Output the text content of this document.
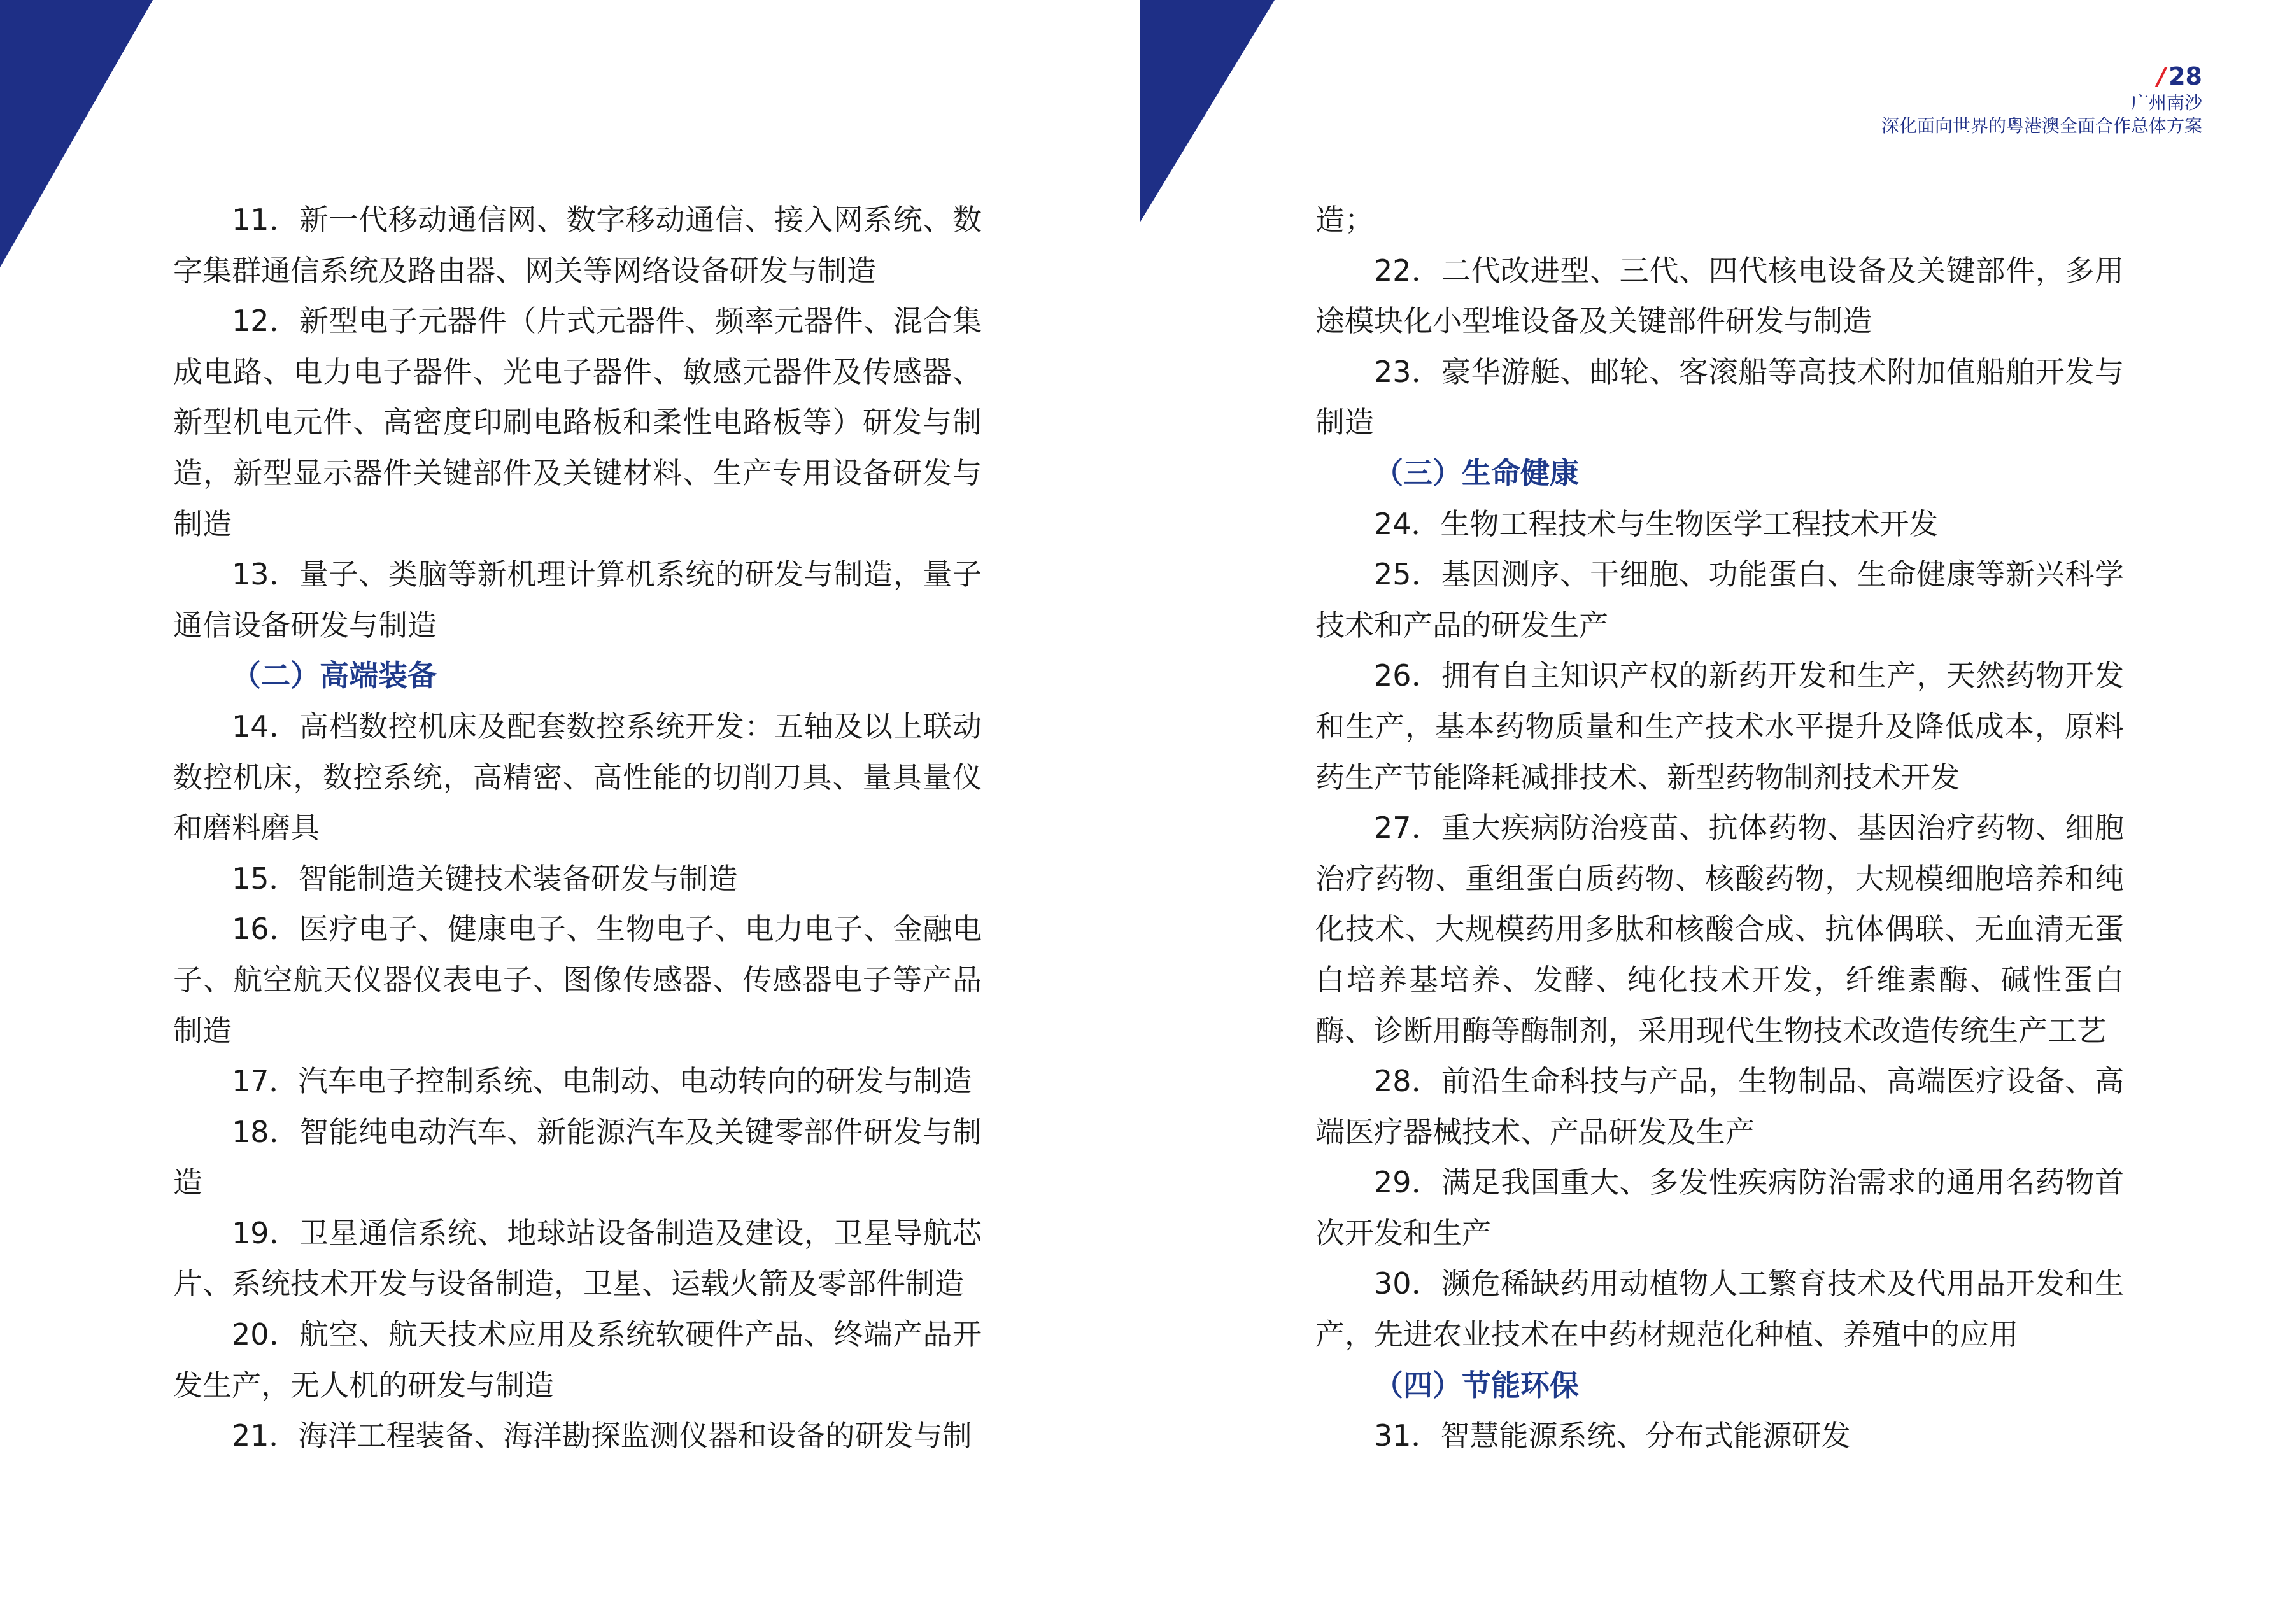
/ 28
广州南沙
深化面向世界的粤港澳全面合作总体方案

11．新一代移动通信网、数字移动通信、接入网系统、数字集群通信系统及路由器、网关等网络设备研发与制造

12．新型电子元器件（片式元器件、频率元器件、混合集成电路、电力电子器件、光电子器件、敏感元器件及传感器、新型机电元件、高密度印刷电路板和柔性电路板等）研发与制造，新型显示器件关键部件及关键材料、生产专用设备研发与制造

13．量子、类脑等新机理计算机系统的研发与制造，量子通信设备研发与制造

（二）高端装备

14．高档数控机床及配套数控系统开发：五轴及以上联动数控机床，数控系统，高精密、高性能的切削刀具、量具量仪和磨料磨具

15．智能制造关键技术装备研发与制造

16．医疗电子、健康电子、生物电子、电力电子、金融电子、航空航天仪器仪表电子、图像传感器、传感器电子等产品制造

17．汽车电子控制系统、电制动、电动转向的研发与制造

18．智能纯电动汽车、新能源汽车及关键零部件研发与制造

19．卫星通信系统、地球站设备制造及建设，卫星导航芯片、系统技术开发与设备制造，卫星、运载火箭及零部件制造

20．航空、航天技术应用及系统软硬件产品、终端产品开发生产，无人机的研发与制造

21．海洋工程装备、海洋勘探监测仪器和设备的研发与制

造；

22．二代改进型、三代、四代核电设备及关键部件，多用途模块化小型堆设备及关键部件研发与制造

23．豪华游艇、邮轮、客滚船等高技术附加值船舶开发与制造

（三）生命健康

24．生物工程技术与生物医学工程技术开发

25．基因测序、干细胞、功能蛋白、生命健康等新兴科学技术和产品的研发生产

26．拥有自主知识产权的新药开发和生产，天然药物开发和生产，基本药物质量和生产技术水平提升及降低成本，原料药生产节能降耗减排技术、新型药物制剂技术开发

27．重大疾病防治疫苗、抗体药物、基因治疗药物、细胞治疗药物、重组蛋白质药物、核酸药物，大规模细胞培养和纯化技术、大规模药用多肽和核酸合成、抗体偶联、无血清无蛋白培养基培养、发酵、纯化技术开发，纤维素酶、碱性蛋白酶、诊断用酶等酶制剂，采用现代生物技术改造传统生产工艺

28．前沿生命科技与产品，生物制品、高端医疗设备、高端医疗器械技术、产品研发及生产

29．满足我国重大、多发性疾病防治需求的通用名药物首次开发和生产

30．濒危稀缺药用动植物人工繁育技术及代用品开发和生产，先进农业技术在中药材规范化种植、养殖中的应用

（四）节能环保

31．智慧能源系统、分布式能源研发
